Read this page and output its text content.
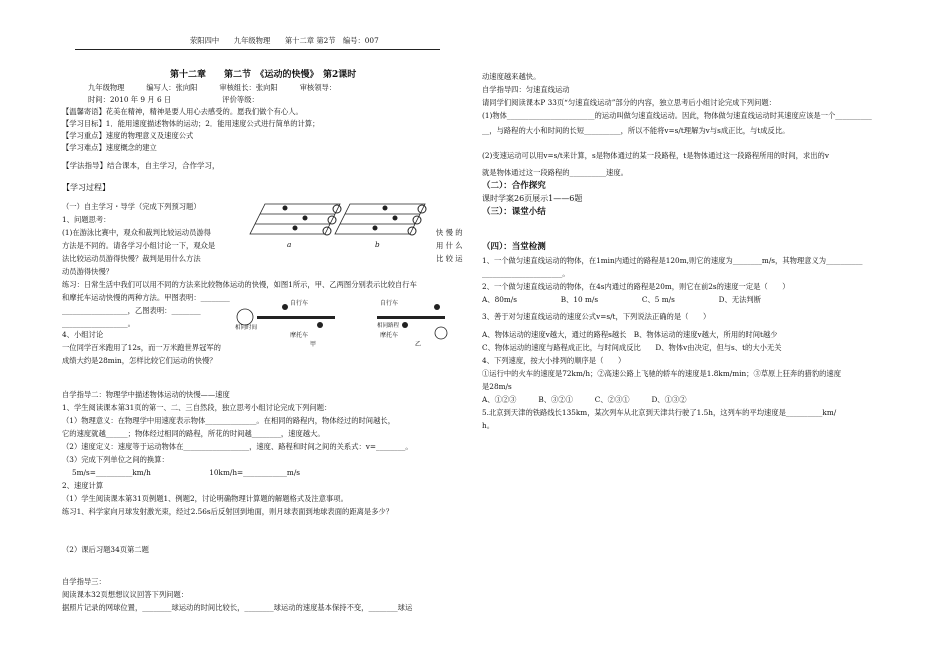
荥阳四中　　九年级物理　　第十二章 第2节　编号：007
第十二章　　第二节　《运动的快慢》　第2课时
九年级物理　　　编写人：张向阳　　　审核组长：张向阳　　　审核领导：
时间：2010 年 9 月 6 日　　　　　　　评价等级：
【温馨寄语】花美在精神，精神是要人用心去感受的。愿我们做个有心人。
【学习目标】1．能用速度描述物体的运动；2．能用速度公式进行简单的计算；
【学习重点】速度的物理意义及速度公式
【学习难点】速度概念的建立
【学法指导】结合课本，自主学习，合作学习，
【学习过程】
（一）自主学习・导学（完成下列预习题）
1、问题思考：
(1)在游泳比赛中，观众和裁判比较运动员游得
方法是不同的。请各学习小组讨论一下，观众是
法比较运动员游得快慢？裁判是用什么方法
动员游得快慢？
快 慢 的
用 什 么
比 较 运
a	b
练习：日常生活中我们可以用不同的方法来比较物体运动的快慢，如图1所示，甲、乙两图分别表示比较自行车
和摩托车运动快慢的两种方法。甲图表明：________
__________________，乙图表明：________
__________________。
自行车
相同时间
摩托车
甲
自行车
相同路程
摩托车
乙
4、小组讨论
一位同学百米跑用了12s，而一万米跑世界冠军的
成绩大约是28min，怎样比较它们运动的快慢？
自学指导二：物理学中描述物体运动的快慢——速度
1、学生阅读课本第31页的第一、二、三自然段，独立思考小组讨论完成下列问题：
（1）物理意义：在物理学中用速度表示物体______________。在相同的路程内，物体经过的时间越长，
它的速度就越______；物体经过相同的路程，所花的时间越________，速度越大。
（2）速度定义：速度等于运动物体在__________________，速度、路程和时间之间的关系式：v=________。
（3）完成下列单位之间的换算：
5m/s=__________km/h　　　　　　　　10km/h=____________m/s
2、速度计算
（1）学生阅读课本第31页例题1、例题2，讨论明确物理计算题的解题格式及注意事项。
练习1、科学家向月球发射激光束，经过2.56s后反射回到地面，则月球表面到地球表面的距离是多少？
（2）课后习题34页第二题
自学指导三：
阅读课本32页想想议议回答下列问题：
据照片记录的网球位置，________球运动的时间比较长，________球运动的速度基本保持不变，________球运
动速度越来越快。
自学指导四：匀速直线运动
请同学们阅读课本P 33页“匀速直线运动”部分的内容，独立思考后小组讨论完成下列问题：
(1)物体________________________的运动叫做匀速直线运动。因此，物体做匀速直线运动时其速度应该是一个__________
__，与路程的大小和时间的长短__________，所以不能将v=s/t理解为v与s成正比，与t成反比。
(2)变速运动可以用v=s/t来计算，s是物体通过的某一段路程，t是物体通过这一段路程所用的时间，求出的v
就是物体通过这一段路程的__________速度。
（二）：合作探究
课时学案26页展示1——6题
（三）：课堂小结
（四）：当堂检测
1、一个做匀速直线运动的物体，在1min内通过的路程是120m,则它的速度为________m/s，其物理意义为__________
______________________。
2、一个做匀速直线运动的物体，在4s内通过的路程是20m，则它在前2s的速度一定是（　　）
A、80m/s　　　　　　B、10 m/s　　　　　　C、5 m/s　　　　　　D、无法判断
3、善于对匀速直线运动的速度公式v=s/t，下列说法正确的是（　　）
A、物体运动的速度v越大，通过的路程s越长　B、物体运动的速度v越大，所用的时间t越少
C、物体运动的速度与路程成正比，与时间成反比　　D、物体v由决定，但与s、t的大小无关
4、下列速度，按大小排列的顺序是（　　）
①运行中的火车的速度是72km/h；②高速公路上飞驰的轿车的速度是1.8km/min；③草原上狂奔的猎豹的速度
是28m/s
A、①②③　　　B、③②①　　　C、②③①　　　D、①③②
5.北京到天津的铁路线长135km，某次列车从北京到天津共行驶了1.5h，这列车的平均速度是__________km/
h。
